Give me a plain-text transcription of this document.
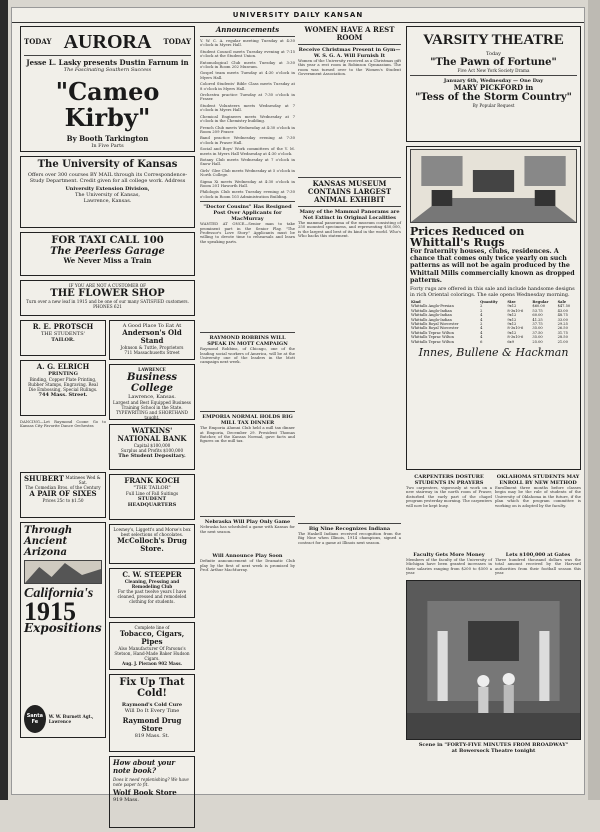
UNIVERSITY DAILY KANSAN
TODAY AURORA TODAY
Jesse L. Lasky presents Dustin Farnum in
The Fascinating Southern Success
"Cameo Kirby"
By Booth Tarkington
In Five Parts
The University of Kansas
Offers over 300 courses BY MAIL through its Correspondence-Study Department. Credit given for all college work. Address
University Extension Division,
The University of Kansas,
Lawrence, Kansas.
FOR TAXI CALL 100
The Peerless Garage
We Never Miss a Train
IF YOU ARE NOT A CUSTOMER OF
THE FLOWER SHOP
Turn over a new leaf in 1915 and be one of our many SATISFIED customers. PHONES 621
R. E. PROTSCH
THE STUDENTS'
TAILOR.
A. G. ELRICH
PRINTING
Binding, Copper Plate Printing, Rubber Stamps, Engraving. Real Die Embossing, Special Rulings.
744 Mass. Street.
DANCING—Let Raymond Coone Go to Kansas City Favorite Dance Orchestra
SHUBERT Matinees Wed & Sat.
The Comedian Bros. of the Century
A PAIR OF SIXES
Prices 25c to $1.50
Through
Ancient
Arizona
California's
1915
Expositions
Santa Fe
W. W. Burnett Agt., Lawrence
A Good Place To Eat At
Anderson's Old Stand
Johnson & Tuttle, Proprietors
711 Massachusetts Street
LAWRENCE
Business College
Lawrence, Kansas.
Largest and Best Equipped Business Training School in the State. TYPEWRITING and SHORTHAND taught.
WATKINS' NATIONAL BANK
Capital $100,000
Surplus and Profits $100,000
The Student Depositary.
FRANK KOCH
"THE TAILOR"
Full Line of Fall Suitings
STUDENT HEADQUARTERS
Lowney's, Liggett's and Morse's box
best selections of chocolates.
McColloch's Drug Store.
C. W. STEEPER
Cleaning, Pressing and Remodeling Club
For the past twelve years I have cleaned, pressed and remodeled clothing for students.
Complete line of
Tobacco, Cigars, Pipes
Also Manufacturer Of Parsons's Stetson, Hand-Made Baker Hudson Cigars.
Aug. J. Pieraon 902 Mass.
Fix Up That Cold!
Raymond's Cold Cure
Will Do It Every Time
Raymond Drug Store
819 Mass. St.
How about your note book?
Does it need replenishing? We have note paper to fit.
Wolf Book Store
919 Mass.
Announcements
Y. W. C. A. regular meeting Tuesday at 4:30 o'clock in Myers Hall.
Student Council meets Tuesday evening at 7:15 o'clock at the Student Union.
Entomological Club meets Tuesday at 3:30 o'clock in Room 202 Museum.
Gospel team meets Tuesday at 4:30 o'clock in Myers Hall.
Colored Students' Bible Class meets Tuesday at 8 o'clock in Myers Hall.
Orchestra practice Tuesday at 7:30 o'clock in Fraser.
Student Volunteers meets Wednesday at 7 o'clock in Myers Hall.
Chemical Engineers meets Wednesday at 7 o'clock in the Chemistry building.
French Club meets Wednesday at 4:30 o'clock in Room 209 Fraser.
Band practice Wednesday evening at 7:30 o'clock in Fraser Hall.
Social and Boys' Work committees of the Y. M. meets in Myers Hall Wednesday at 4:30 o'clock.
Botany Club meets Wednesday at 7 o'clock in Snow Hall.
Girls' Glee Club meets Wednesday at 5 o'clock in North College.
Sigma Xi meets Wednesday at 4:30 o'clock in Room 201 Haworth Hall.
Philologis Club meets Tuesday evening at 7:30 o'clock in Room 103 Administration Building.
"Doctor Cousins" Has Resigned Post Over Applicants for MacMurray
WANTED AT ONCE—Senior man to take prominent part in the Senior Play, "The Professor's Love Story." Applicants must be willing to devote time to rehearsals and learn the speaking parts.
RAYMOND ROBBINS WILL SPEAK IN MOTT CAMPAIGN
Raymond Robbins, of Chicago, one of the leading social workers of America, will be at the University one of the leaders in the Mott campaign next week.
EMPORIA NORMAL HOLDS BIG MILL TAX DINNER
The Emporia Alumni Club held a mill tax dinner at Emporia, December 29. President Thomas Butcher, of the Kansas Normal, gave facts and figures on the mill tax.
Nebraska Will Play Only Game
Nebraska has scheduled a game with Kansas for the next season.
Will Announce Play Soon
Definite announcement of the Dramatic Club play by the first of next week is promised by Prof. Arthur MacMurray.
WOMEN HAVE A REST ROOM
Receive Christmas Present in Gym—W. S. G. A. Will Furnish It
Women of the University received as a Christmas gift this year a rest room in Robinson Gymnasium. The room was turned over to the Women's Student Government Association.
KANSAS MUSEUM CONTAINS LARGEST ANIMAL EXHIBIT
Many of the Mammal Panorams are Not Extinct in Original Localities
The mammal panorama of the museum consisting of 250 mounted specimens, and representing $50,000, is the largest and best of its kind in the world. Who's Who backs this statement.
Big Nine Recognizes Indiana
The Haskell Indians received recognition from the Big Nine when Illinois, 1914 champions, signed a contract for a game at Illinois next season.
VARSITY THEATRE
Today
"The Pawn of Fortune"
Five Act New York Society Drama
January 6th, Wednesday — One Day
MARY PICKFORD in
"Tess of the Storm Country"
By Popular Request
Prices Reduced on Whittall's Rugs
For fraternity houses, clubs, residences. A chance that comes only twice yearly on such patterns as will not be again produced by the Whittall Mills commercially known as dropped patterns.
Forty rugs are offered in this sale and include handsome designs in rich Oriental colorings. The sale opens Wednesday morning.
Kind	Quantity	Size	Regular	Sale
Whittalls Anglo-Persian	2	9x12	$60.00	$47.50
Whittalls Anglo-Indian	2	8-3x10-6	53.75	43.00
Whittalls Anglo-Indian	4	9x12	60.00	48.75
Whittalls Anglo-Indian	4	9x12	41.25	33.00
Whittalls Royal Worcester	2	9x12	37.75	29.25
Whittalls Royal Worcester	4	8-3x10-6	35.00	26.50
Whittalls Teprac Wilton	4	9x12	37.50	31.75
Whittalls Teprac Wilton	4	8-3x10-6	35.00	28.50
Whittalls Teprac Wilton	6	6x9	25.00	21.00
Innes, Bullene & Hackman
CARPENTERS DOSTURE STUDENTS IN PRAYERS
Two carpenters, vigorously at work on a new stairway in the north room of Fraser, disturbed the early part of the chapel program yesterday morning. The carpenters will now be kept busy.
Faculty Gets More Money
Members of the faculty of the University of Michigan have been granted increases in their salaries ranging from $200 to $500 a year.
OKLAHOMA STUDENTS MAY ENROLL BY NEW METHOD
Enrollment three months before classes begin may be the rule of students of the University of Oklahoma in the future, if the plan which the program committee is working on is adopted by the faculty.
Lets $100,000 at Gates
Three hundred thousand dollars was the total amount received by the Harvard authorities from their football season this year.
Scene in "FORTY-FIVE MINUTES FROM BROADWAY"
at Bowersock Theatre tonight
